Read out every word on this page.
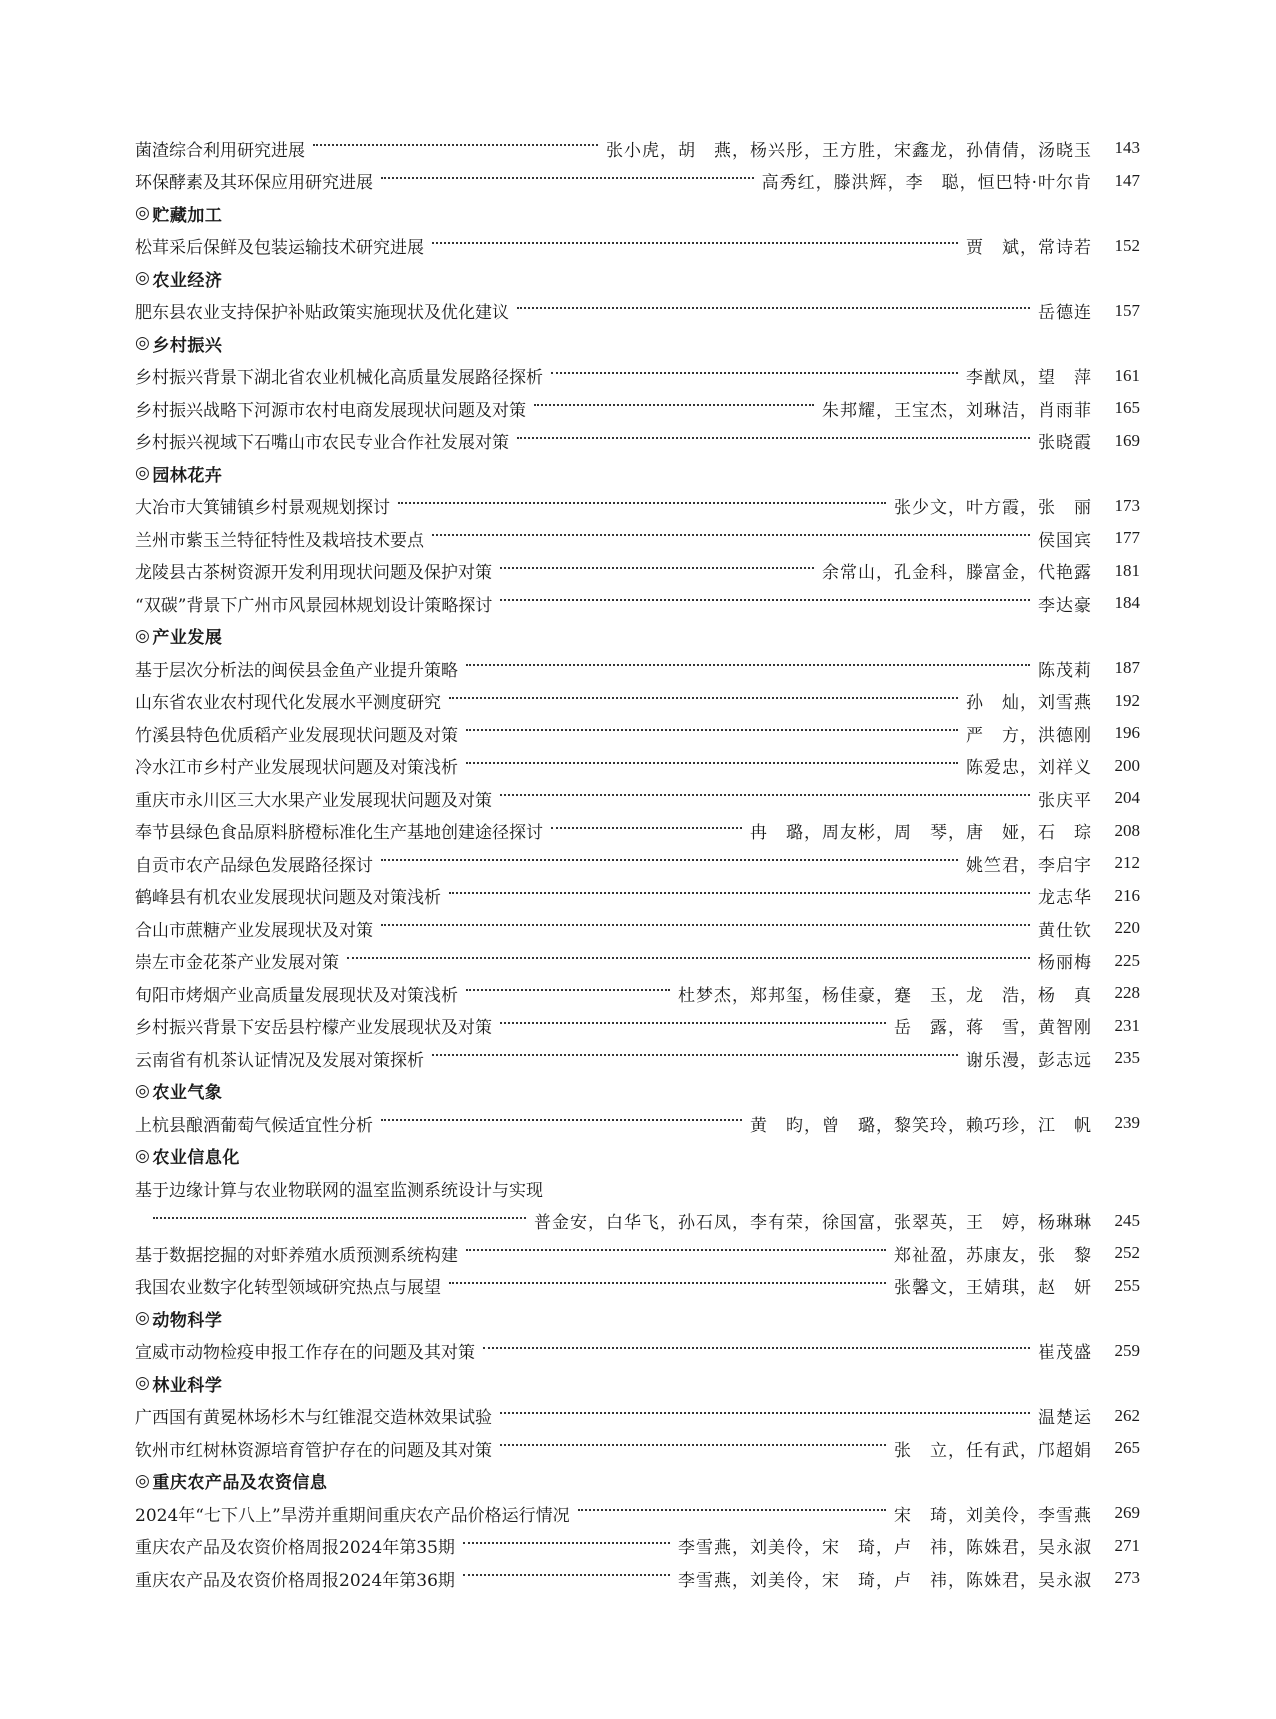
菌渣综合利用研究进展	张小虎，胡　燕，杨兴彤，王方胜，宋鑫龙，孙倩倩，汤晓玉	143
环保酵素及其环保应用研究进展	高秀红，滕洪辉，李　聪，恒巴特·叶尔肯	147
◎ 贮藏加工
松茸采后保鲜及包装运输技术研究进展	贾　斌，常诗若	152
◎ 农业经济
肥东县农业支持保护补贴政策实施现状及优化建议	岳德连	157
◎ 乡村振兴
乡村振兴背景下湖北省农业机械化高质量发展路径探析	李猷凤，望　萍	161
乡村振兴战略下河源市农村电商发展现状问题及对策	朱邦耀，王宝杰，刘琳洁，肖雨菲	165
乡村振兴视域下石嘴山市农民专业合作社发展对策	张晓霞	169
◎ 园林花卉
大冶市大箕铺镇乡村景观规划探讨	张少文，叶方霞，张　丽	173
兰州市紫玉兰特征特性及栽培技术要点	侯国宾	177
龙陵县古茶树资源开发利用现状问题及保护对策	余常山，孔金科，滕富金，代艳露	181
“双碳”背景下广州市风景园林规划设计策略探讨	李达豪	184
◎ 产业发展
基于层次分析法的闽侯县金鱼产业提升策略	陈茂莉	187
山东省农业农村现代化发展水平测度研究	孙　灿，刘雪燕	192
竹溪县特色优质稻产业发展现状问题及对策	严　方，洪德刚	196
冷水江市乡村产业发展现状问题及对策浅析	陈爱忠，刘祥义	200
重庆市永川区三大水果产业发展现状问题及对策	张庆平	204
奉节县绿色食品原料脐橙标准化生产基地创建途径探讨	冉　璐，周友彬，周　琴，唐　娅，石　琮	208
自贡市农产品绿色发展路径探讨	姚竺君，李启宇	212
鹤峰县有机农业发展现状问题及对策浅析	龙志华	216
合山市蔗糖产业发展现状及对策	黄仕钦	220
崇左市金花茶产业发展对策	杨丽梅	225
旬阳市烤烟产业高质量发展现状及对策浅析	杜梦杰，郑邦玺，杨佳豪，蹇　玉，龙　浩，杨　真	228
乡村振兴背景下安岳县柠檬产业发展现状及对策	岳　露，蒋　雪，黄智刚	231
云南省有机茶认证情况及发展对策探析	谢乐漫，彭志远	235
◎ 农业气象
上杭县酿酒葡萄气候适宜性分析	黄　昀，曾　璐，黎笑玲，赖巧珍，江　帆	239
◎ 农业信息化
基于边缘计算与农业物联网的温室监测系统设计与实现
普金安，白华飞，孙石凤，李有荣，徐国富，张翠英，王　婷，杨琳琳	245
基于数据挖掘的对虾养殖水质预测系统构建	郑祉盈，苏康友，张　黎	252
我国农业数字化转型领域研究热点与展望	张馨文，王婧琪，赵　妍	255
◎ 动物科学
宣威市动物检疫申报工作存在的问题及其对策	崔茂盛	259
◎ 林业科学
广西国有黄冕林场杉木与红锥混交造林效果试验	温楚运	262
钦州市红树林资源培育管护存在的问题及其对策	张　立，任有武，邝超娟	265
◎ 重庆农产品及农资信息
2024年“七下八上”旱涝并重期间重庆农产品价格运行情况	宋　琦，刘美伶，李雪燕	269
重庆农产品及农资价格周报2024年第35期	李雪燕，刘美伶，宋　琦，卢　祎，陈姝君，吴永淑	271
重庆农产品及农资价格周报2024年第36期	李雪燕，刘美伶，宋　琦，卢　祎，陈姝君，吴永淑	273
